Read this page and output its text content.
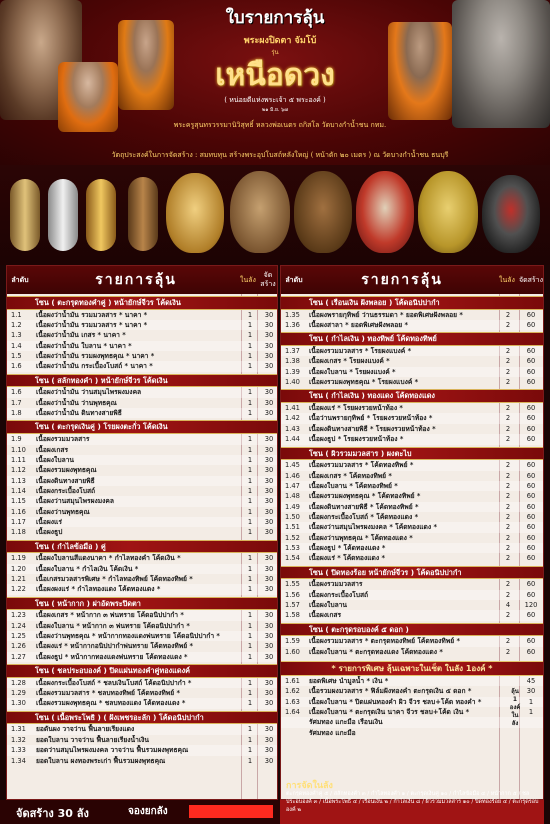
ใบรายการลุ้น
พระผงปิดตา จัมโบ้
รุ่น
เหนือดวง
( หน่อยตีแห่งพระเจ้า ๕ พระองค์ )
๒๑ มิ.ย. ๖๗
พระครูสุนทรวรรมานิวิสุทธิ์ หลวงพ่อเนตร ถกิสโล วัดบางกำน้ำชน กทม.
วัตถุประสงค์ในการจัดสร้าง : สมทบทุน สร้างพระอุปโบสถ์หลังใหญ่ ( หน้าตัก ๒๐ เมตร ) ณ วัดบางกำน้ำชน ธนบุรี
ลำดับ	รายการลุ้น	ในลัง
จัดสร้าง
โซน ( ตะกรุดทองคำคู่ ) หน้ายักษ์จีวร โค้ดเงิน
1.1	เนื้อผงว่าน้ำมัน รวมมวลสาร * นาคา *	1	30
1.2	เนื้อผงว่าน้ำมัน รวมมวลสาร * นาคา *	1	30
1.3	เนื้อผงว่าน้ำมัน เกสร * นาคา *	1	30
1.4	เนื้อผงว่าน้ำมัน ใบลาน * นาคา *	1	30
1.5	เนื้อผงว่าน้ำมัน รวมผงพุทธคุณ * นาคา *	1	30
1.6	เนื้อผงว่าน้ำมัน กระเบื้องโบสถ์ * นาคา *	1	30
โซน ( สลักทองคำ ) หน้ายักษ์จีวร โค้ดเงิน
1.6	เนื้อผงว่าน้ำมัน ว่านสมุนไพรผงมงคล	1	30
1.7	เนื้อผงว่าน้ำมัน ว่านพุทธคุณ	1	30
1.8	เนื้อผงว่าน้ำมัน ดินทางสายพิธี	1	30
โซน ( ตะกรุดเงินคู่ ) โรยผงตะกั่ว โค้ดเงิน
1.9	เนื้อผงรวมมวลสาร	1	30
1.10	เนื้อผงเกสร	1	30
1.11	เนื้อผงใบลาน	1	30
1.12	เนื้อผงรวมผงพุทธคุณ	1	30
1.13	เนื้อผงดินทางสายพิธี	1	30
1.14	เนื้อผงกระเบื้องโบสถ์	1	30
1.15	เนื้อผงว่านสมุนไพรผงมงคล	1	30
1.16	เนื้อผงว่านพุทธคุณ	1	30
1.17	เนื้อผงแร่	1	30
1.18	เนื้อผงธูป	1	30
โซน ( กำไลข้อมือ ) คู่
1.19	เนื้อผงใบลานสีแดงนาคา * กำไลทองคำ โค้ดเงิน *	1	30
1.20	เนื้อผงใบลาน * กำไลเงิน โค้ดเงิน *	1	30
1.21	เนื้อเกสรมวลสารพิเศษ * กำไลทองทิพย์ โค้ดทองทิพย์ *	1	30
1.22	เนื้อผงผงแร่ * กำไลทองแดง โค้ดทองแดง *	1	30
โซน ( หน้ากาก ) ฝาอัดพระปิดตา
1.23	เนื้อผงเกสร * หน้ากาก ๓ พ่นทราย โค้ดอนิปปากำ *	1	30
1.24	เนื้อผงใบลาน * หน้ากาก ๓ พ่นทราย โค้ดอนิปปากำ *	1	30
1.25	เนื้อผงว่านพุทธคุณ * หน้ากากทองแดงพ่นทราย โค้ดอนิปปากำ *	1	30
1.26	เนื้อผงแร่ * หน้ากากอนิปปากำพ่นทราย โค้ดทองทิพย์ *	1	30
1.27	เนื้อผงธูป * หน้ากากทองแดงพ่นทราย โค้ดทองแดง *	1	30
โซน ( ชลประอบองค์ ) ปิดแผ่นทองคำคู่ทองแดงค์
1.28	เนื้อผงกระเบื้องโบสถ์ * ชลบเงินโบสถ์ โค้ดอนิปปากำ *	1	30
1.29	เนื้อผงรวมมวลสาร * ชลบทองทิพย์ โค้ดทองทิพย์ *	1	30
1.30	เนื้อผงรวมผงพุทธคุณ * ชลบทองแดง โค้ดทองแดง *	1	30
โซน ( เนื้อพระโพธิ ) ( ฝังเพชรอะลัก ) โค้ดอนิปปากำ
1.31	ยอดันผง วาจว่าน ฟื้นลายเรียงแดง	1	30
1.32	ยอดใบลาน วาจว่าน ฟื้นลายเรียงน้ำเงิน	1	30
1.33	ยอดว่านสมุนไพรผงมงคล วาจว่าน ฟื้นรวมผงพุทธคุณ	1	30
1.34	ยอดใบลาน ผงทองพระเก่า ฟื้นรวมผงพุทธคุณ	1	30
ลำดับ	รายการลุ้น	ในลัง จัดสร้าง
โซน ( เรือนเงิน ฝังพลอย ) โค้ดอนิปปากำ
1.35	เนื้อผงพรายกุทิพย์ ว่านธรรมดา * ยอดพิเศษฝังพลอย *	2	60
1.36	เนื้อผงสาลา * ยอดพิเศษฝังพลอย *	2	60
โซน ( กำไลเงิน ) ทองทิพย์ โค้ดทองทิพย์
1.37	เนื้อผงรวมมวลสาร * โรยผงแบงค์ *	2	60
1.38	เนื้อผงเกสร * โรยผงแบงค์ *	2	60
1.39	เนื้อผงใบลาน * โรยผงแบงค์ *	2	60
1.40	เนื้อผงรวมผงพุทธคุณ * โรยผงแบงค์ *	2	60
โซน ( กำไลเงิน ) ทองแดง โค้ดทองแดง
1.41	เนื้อผงแร่ * โรยผงรวยหน้าท้อง *	2	60
1.42	เนื้อว่านพรายกุทิพย์ * โรยผงรวยหน้าท้อง *	2	60
1.43	เนื้อผงดินทางสายพิธี * โรยผงรวยหน้าท้อง *	2	60
1.44	เนื้อผงธูป * โรยผงรวยหน้าท้อง *	2	60
โซน ( ผิวรวมมวลสาร ) ผงตะไบ
1.45	เนื้อผงรวมมวลสาร * โค้ดทองทิพย์ *	2	60
1.46	เนื้อผงเกสร * โค้ดทองทิพย์ *	2	60
1.47	เนื้อผงใบลาน * โค้ดทองทิพย์ *	2	60
1.48	เนื้อผงรวมผงพุทธคุณ * โค้ดทองทิพย์ *	2	60
1.49	เนื้อผงดินทางสายพิธี * โค้ดทองทิพย์ *	2	60
1.50	เนื้อผงกระเบื้องโบสถ์ * โค้ดทองแดง *	2	60
1.51	เนื้อผงว่านสมุนไพรผงมงคล * โค้ดทองแดง *	2	60
1.52	เนื้อผงว่านพุทธคุณ * โค้ดทองแดง *	2	60
1.53	เนื้อผงธูป * โค้ดทองแดง *	2	60
1.54	เนื้อผงแร่ * โค้ดทองแดง *	2	60
โซน ( ปิดทองร้อย หน้ายักษ์จีวร ) โค้ดอนิปปากำ
1.55	เนื้อผงรวมมวลสาร	2	60
1.56	เนื้อผงกระเบื้องโบสถ์	2	60
1.57	เนื้อผงใบลาน	4	120
1.58	เนื้อผงเกสร	2	60
โซน ( ตะกรุดรอบองค์ ๕ ดอก )
1.59	เนื้อผงรวมมวลสาร * ตะกรุดทองทิพย์ โค้ดทองทิพย์ *	2	60
1.60	เนื้อผงใบลาน * ตะกรุดทองแดง โค้ดทองแดง *	2	60
* รายการพิเศษ ลุ้นเฉพาะในเซ็ต ในลัง 1องค์ *
1.61	ยอดพิเศษ นำมูลน้ำ * เงิน *	45
1.62	เนื้อรวมผงมวลสาร * ฟิล์มฝังทองคำ ตะกรุดเงิน ๕ ดอก *	30
1.63	เนื้อผงใบลาน * ปิดแผ่นทองคำ ผิว จีวร ชลบ+โค้ด ทองคำ *	1
1.64	เนื้อผงใบลาน * ตะกรุดเงิน นาคา จีวร ชลบ+โค้ด เงิน *	1
รัศมทอง แกะมือ เรือนเงิน
รัศมทอง แกะมือ
ลุ้น
1
องค์
ใน
ลัง
จัดสร้าง 30 ลัง	จองยกลัง
การจัดในลัง
ตะกรุดทองคำคู่ ๕ / สลักทองคำ ๓ / กำไลทองคำ ๑ / ตะกรุดเงินคู่ ๑๐ / กำไลข้อมือ ๔ / หน้ากาก ๕ / ชลประอบองค์ ๓ / เนื้อพระโพธิ ๔ / เรือนเงิน ๒ / กำไลเงิน ๘ / ผิวรวมมวลสาร ๑๐ / ปิดทองร้อย ๔ / ตะกรุดรอบองค์ ๒
